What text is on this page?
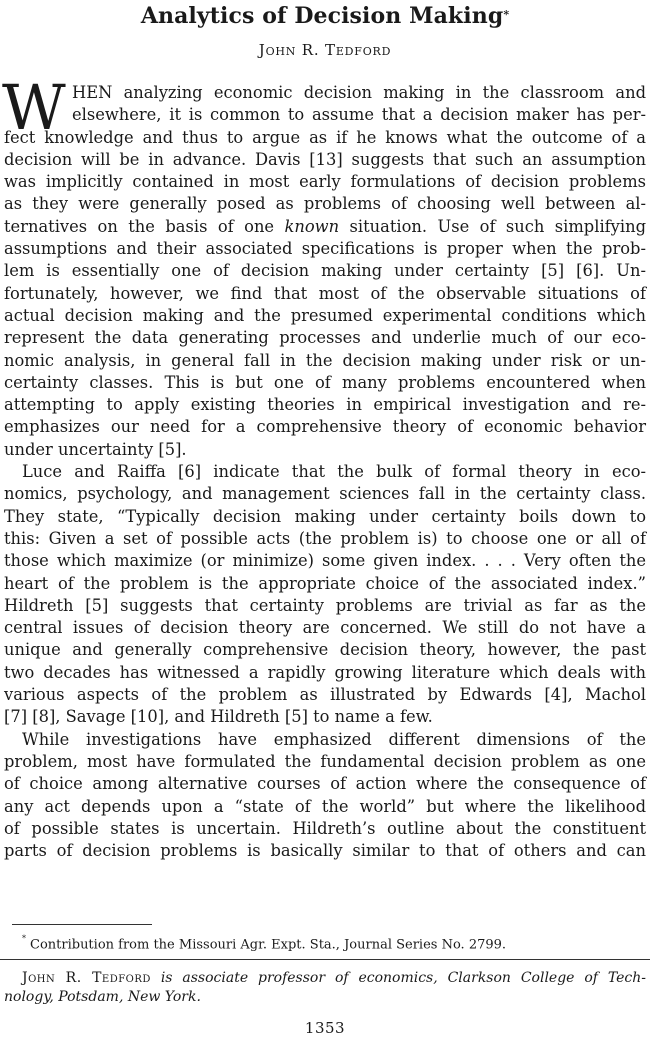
Analytics of Decision Making*
John R. Tedford
W HEN analyzing economic decision making in the classroom and
elsewhere, it is common to assume that a decision maker has per-
fect knowledge and thus to argue as if he knows what the outcome of a
decision will be in advance. Davis [13] suggests that such an assumption
was implicitly contained in most early formulations of decision problems
as they were generally posed as problems of choosing well between al-
ternatives on the basis of one known situation. Use of such simplifying
assumptions and their associated specifications is proper when the prob-
lem is essentially one of decision making under certainty [5] [6]. Un-
fortunately, however, we find that most of the observable situations of
actual decision making and the presumed experimental conditions which
represent the data generating processes and underlie much of our eco-
nomic analysis, in general fall in the decision making under risk or un-
certainty classes. This is but one of many problems encountered when
attempting to apply existing theories in empirical investigation and re-
emphasizes our need for a comprehensive theory of economic behavior
under uncertainty [5].
Luce and Raiffa [6] indicate that the bulk of formal theory in eco-
nomics, psychology, and management sciences fall in the certainty class.
They state, “Typically decision making under certainty boils down to
this: Given a set of possible acts (the problem is) to choose one or all of
those which maximize (or minimize) some given index. . . . Very often the
heart of the problem is the appropriate choice of the associated index.”
Hildreth [5] suggests that certainty problems are trivial as far as the
central issues of decision theory are concerned. We still do not have a
unique and generally comprehensive decision theory, however, the past
two decades has witnessed a rapidly growing literature which deals with
various aspects of the problem as illustrated by Edwards [4], Machol
[7] [8], Savage [10], and Hildreth [5] to name a few.
While investigations have emphasized different dimensions of the
problem, most have formulated the fundamental decision problem as one
of choice among alternative courses of action where the consequence of
any act depends upon a “state of the world” but where the likelihood
of possible states is uncertain. Hildreth’s outline about the constituent
parts of decision problems is basically similar to that of others and can
* Contribution from the Missouri Agr. Expt. Sta., Journal Series No. 2799.
John R. Tedford is associate professor of economics, Clarkson College of Tech-
nology, Potsdam, New York.
1353
